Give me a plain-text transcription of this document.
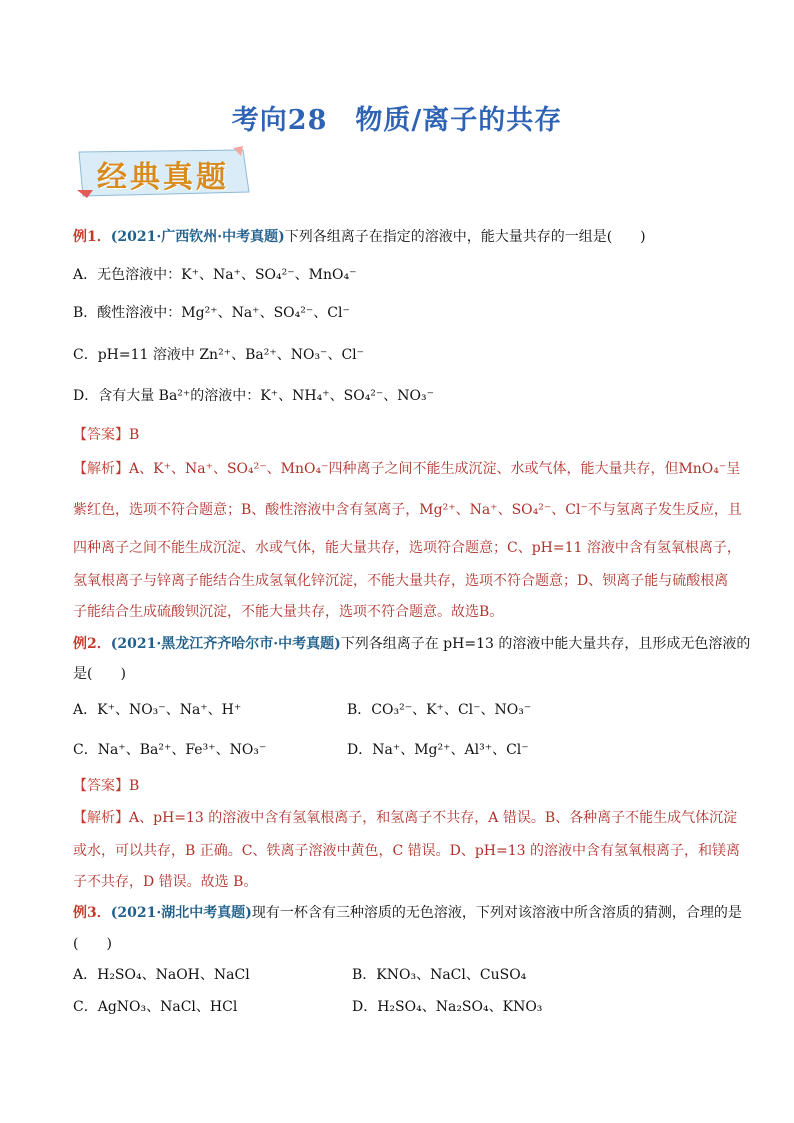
考向28　物质/离子的共存
经典真题
例1．(2021·广西钦州·中考真题)下列各组离子在指定的溶液中，能大量共存的一组是(　　)
A．无色溶液中：K⁺、Na⁺、SO₄²⁻、MnO₄⁻
B．酸性溶液中：Mg²⁺、Na⁺、SO₄²⁻、Cl⁻
C．pH=11 溶液中 Zn²⁺、Ba²⁺、NO₃⁻、Cl⁻
D．含有大量 Ba²⁺的溶液中：K⁺、NH₄⁺、SO₄²⁻、NO₃⁻
【答案】B
【解析】A、K⁺、Na⁺、SO₄²⁻、MnO₄⁻四种离子之间不能生成沉淀、水或气体，能大量共存，但MnO₄⁻呈
紫红色，选项不符合题意；B、酸性溶液中含有氢离子，Mg²⁺、Na⁺、SO₄²⁻、Cl⁻不与氢离子发生反应，且
四种离子之间不能生成沉淀、水或气体，能大量共存，选项符合题意；C、pH=11 溶液中含有氢氧根离子，
氢氧根离子与锌离子能结合生成氢氧化锌沉淀，不能大量共存，选项不符合题意；D、钡离子能与硫酸根离
子能结合生成硫酸钡沉淀，不能大量共存，选项不符合题意。故选B。
例2．(2021·黑龙江齐齐哈尔市·中考真题)下列各组离子在 pH=13 的溶液中能大量共存，且形成无色溶液的
是(　　)
A．K⁺、NO₃⁻、Na⁺、H⁺	B．CO₃²⁻、K⁺、Cl⁻、NO₃⁻
C．Na⁺、Ba²⁺、Fe³⁺、NO₃⁻	D．Na⁺、Mg²⁺、Al³⁺、Cl⁻
【答案】B
【解析】A、pH=13 的溶液中含有氢氧根离子，和氢离子不共存，A 错误。B、各种离子不能生成气体沉淀
或水，可以共存，B 正确。C、铁离子溶液中黄色，C 错误。D、pH=13 的溶液中含有氢氧根离子，和镁离
子不共存，D 错误。故选 B。
例3．(2021·湖北中考真题)现有一杯含有三种溶质的无色溶液，下列对该溶液中所含溶质的猜测，合理的是
(　　)
A．H₂SO₄、NaOH、NaCl	B．KNO₃、NaCl、CuSO₄
C．AgNO₃、NaCl、HCl	D．H₂SO₄、Na₂SO₄、KNO₃
